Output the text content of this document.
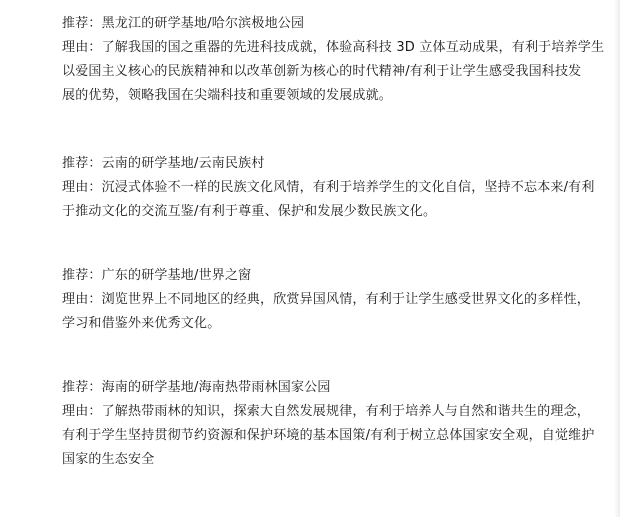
推荐：黑龙江的研学基地/哈尔滨极地公园
理由：了解我国的国之重器的先进科技成就，体验高科技 3D 立体互动成果，有利于培养学生
以爱国主义核心的民族精神和以改革创新为核心的时代精神/有利于让学生感受我国科技发
展的优势，领略我国在尖端科技和重要领域的发展成就。
推荐：云南的研学基地/云南民族村
理由：沉浸式体验不一样的民族文化风情，有利于培养学生的文化自信，坚持不忘本来/有利
于推动文化的交流互鉴/有利于尊重、保护和发展少数民族文化。
推荐：广东的研学基地/世界之窗
理由：浏览世界上不同地区的经典，欣赏异国风情，有利于让学生感受世界文化的多样性，
学习和借鉴外来优秀文化。
推荐：海南的研学基地/海南热带雨林国家公园
理由：了解热带雨林的知识，探索大自然发展规律，有利于培养人与自然和谐共生的理念，
有利于学生坚持贯彻节约资源和保护环境的基本国策/有利于树立总体国家安全观，自觉维护
国家的生态安全
